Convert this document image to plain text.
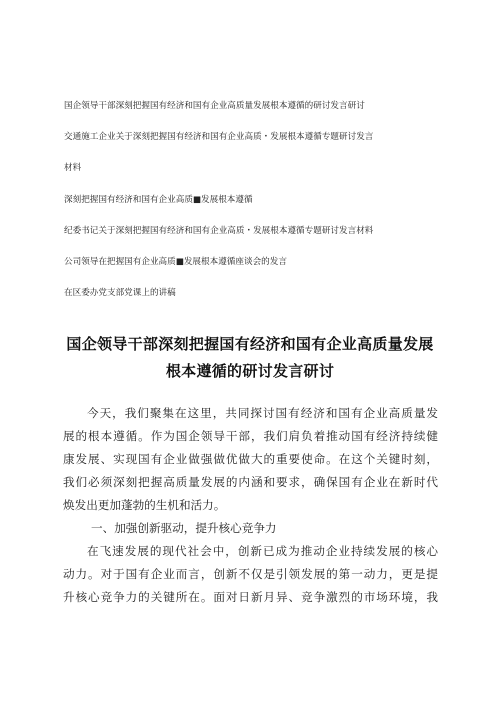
国企领导干部深刻把握国有经济和国有企业高质量发展根本遵循的研讨发言研讨
交通施工企业关于深刻把握国有经济和国有企业高质・发展根本遵循专题研讨发言
材料
深刻把握国有经济和国有企业高质■发展根本遵循
纪委书记关于深刻把握国有经济和国有企业高质・发展根本遵循专题研讨发言材料
公司领导在把握国有企业高质■发展根本遵循座谈会的发言
在区委办党支部党课上的讲稿
国企领导干部深刻把握国有经济和国有企业高质量发展
根本遵循的研讨发言研讨
今天，我们聚集在这里，共同探讨国有经济和国有企业高质量发
展的根本遵循。作为国企领导干部，我们肩负着推动国有经济持续健
康发展、实现国有企业做强做优做大的重要使命。在这个关键时刻，
我们必须深刻把握高质量发展的内涵和要求，确保国有企业在新时代
焕发出更加蓬勃的生机和活力。
一、加强创新驱动，提升核心竞争力
在飞速发展的现代社会中，创新已成为推动企业持续发展的核心
动力。对于国有企业而言，创新不仅是引领发展的第一动力，更是提
升核心竞争力的关键所在。面对日新月异、竞争激烈的市场环境，我
